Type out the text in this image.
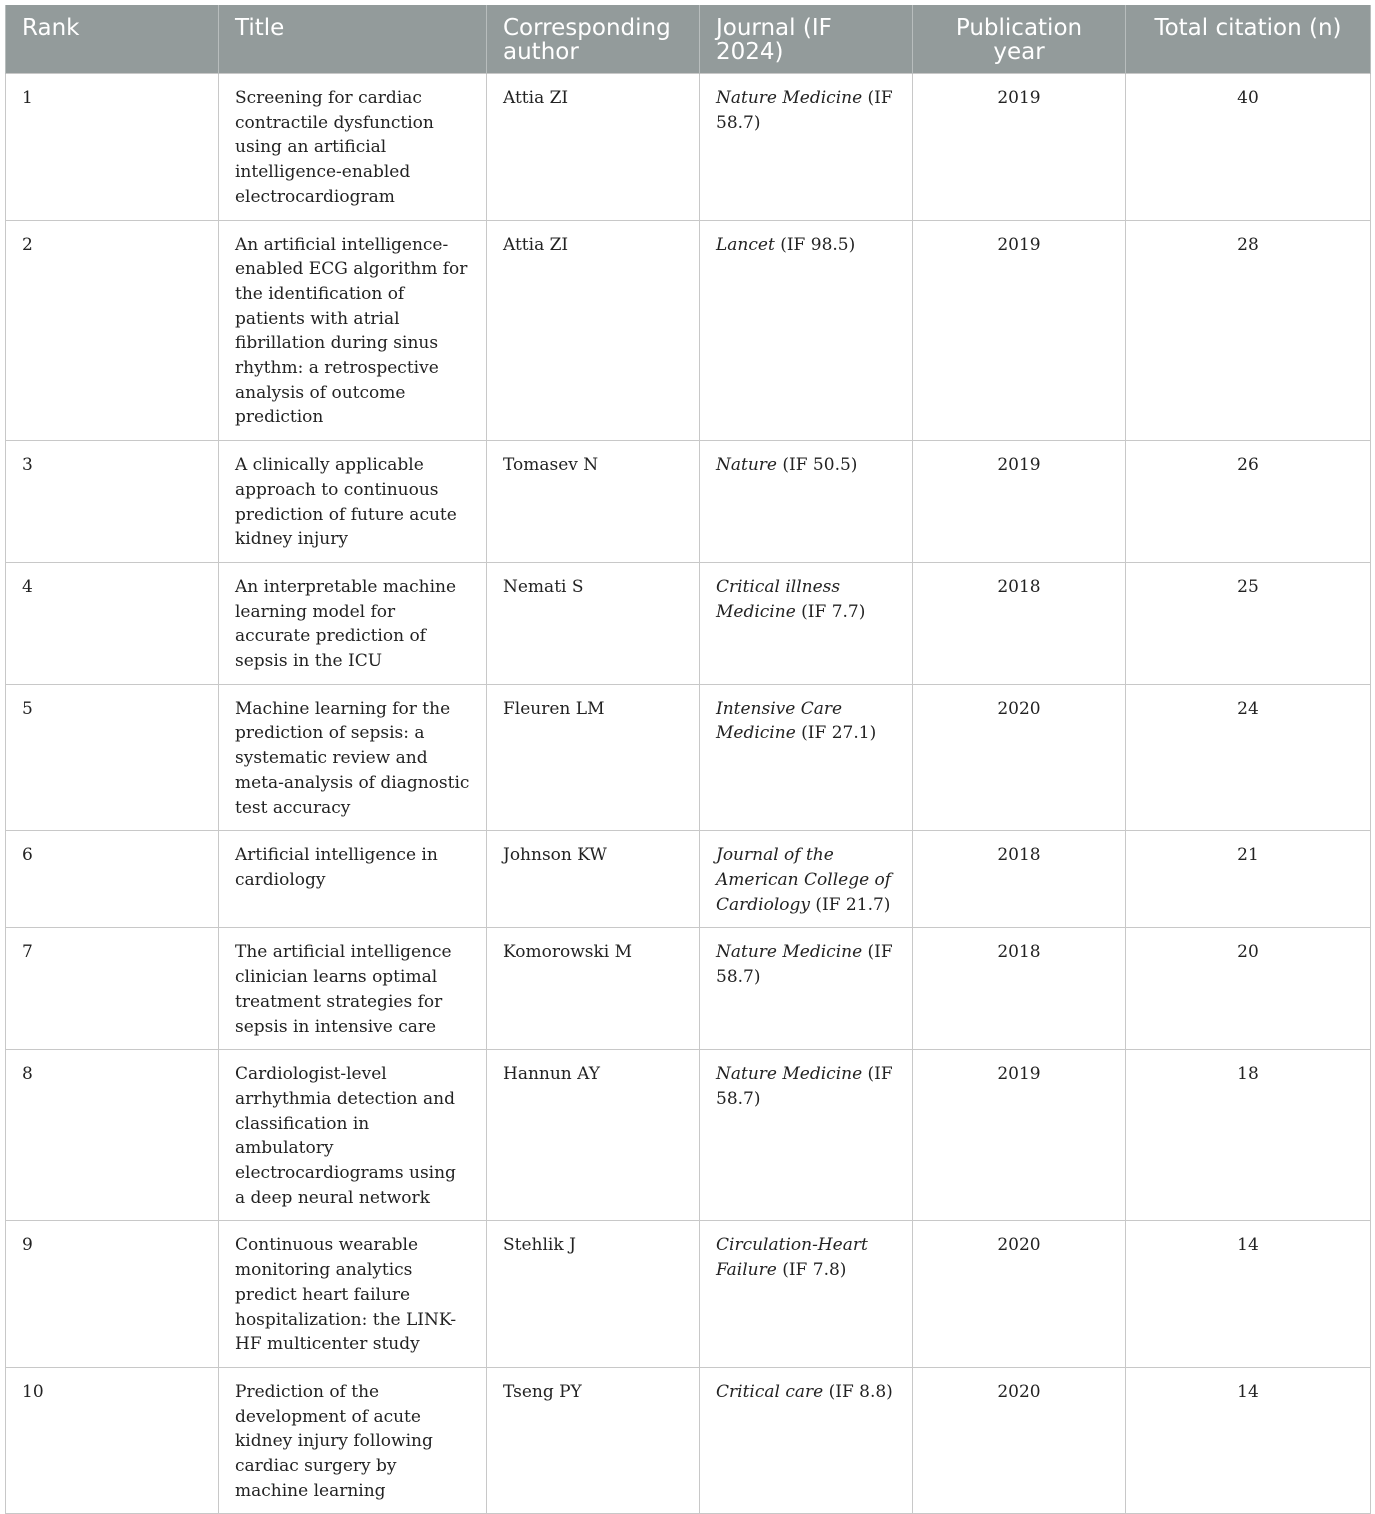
Rank	Title	Corresponding author	Journal (IF 2024)	Publication year	Total citation (n)
1	Screening for cardiac contractile dysfunction using an artificial intelligence-enabled electrocardiogram	Attia ZI	Nature Medicine (IF 58.7)	2019	40
2	An artificial intelligence-enabled ECG algorithm for the identification of patients with atrial fibrillation during sinus rhythm: a retrospective analysis of outcome prediction	Attia ZI	Lancet (IF 98.5)	2019	28
3	A clinically applicable approach to continuous prediction of future acute kidney injury	Tomasev N	Nature (IF 50.5)	2019	26
4	An interpretable machine learning model for accurate prediction of sepsis in the ICU	Nemati S	Critical illness Medicine (IF 7.7)	2018	25
5	Machine learning for the prediction of sepsis: a systematic review and meta-analysis of diagnostic test accuracy	Fleuren LM	Intensive Care Medicine (IF 27.1)	2020	24
6	Artificial intelligence in cardiology	Johnson KW	Journal of the American College of Cardiology (IF 21.7)	2018	21
7	The artificial intelligence clinician learns optimal treatment strategies for sepsis in intensive care	Komorowski M	Nature Medicine (IF 58.7)	2018	20
8	Cardiologist-level arrhythmia detection and classification in ambulatory electrocardiograms using a deep neural network	Hannun AY	Nature Medicine (IF 58.7)	2019	18
9	Continuous wearable monitoring analytics predict heart failure hospitalization: the LINK-HF multicenter study	Stehlik J	Circulation-Heart Failure (IF 7.8)	2020	14
10	Prediction of the development of acute kidney injury following cardiac surgery by machine learning	Tseng PY	Critical care (IF 8.8)	2020	14
